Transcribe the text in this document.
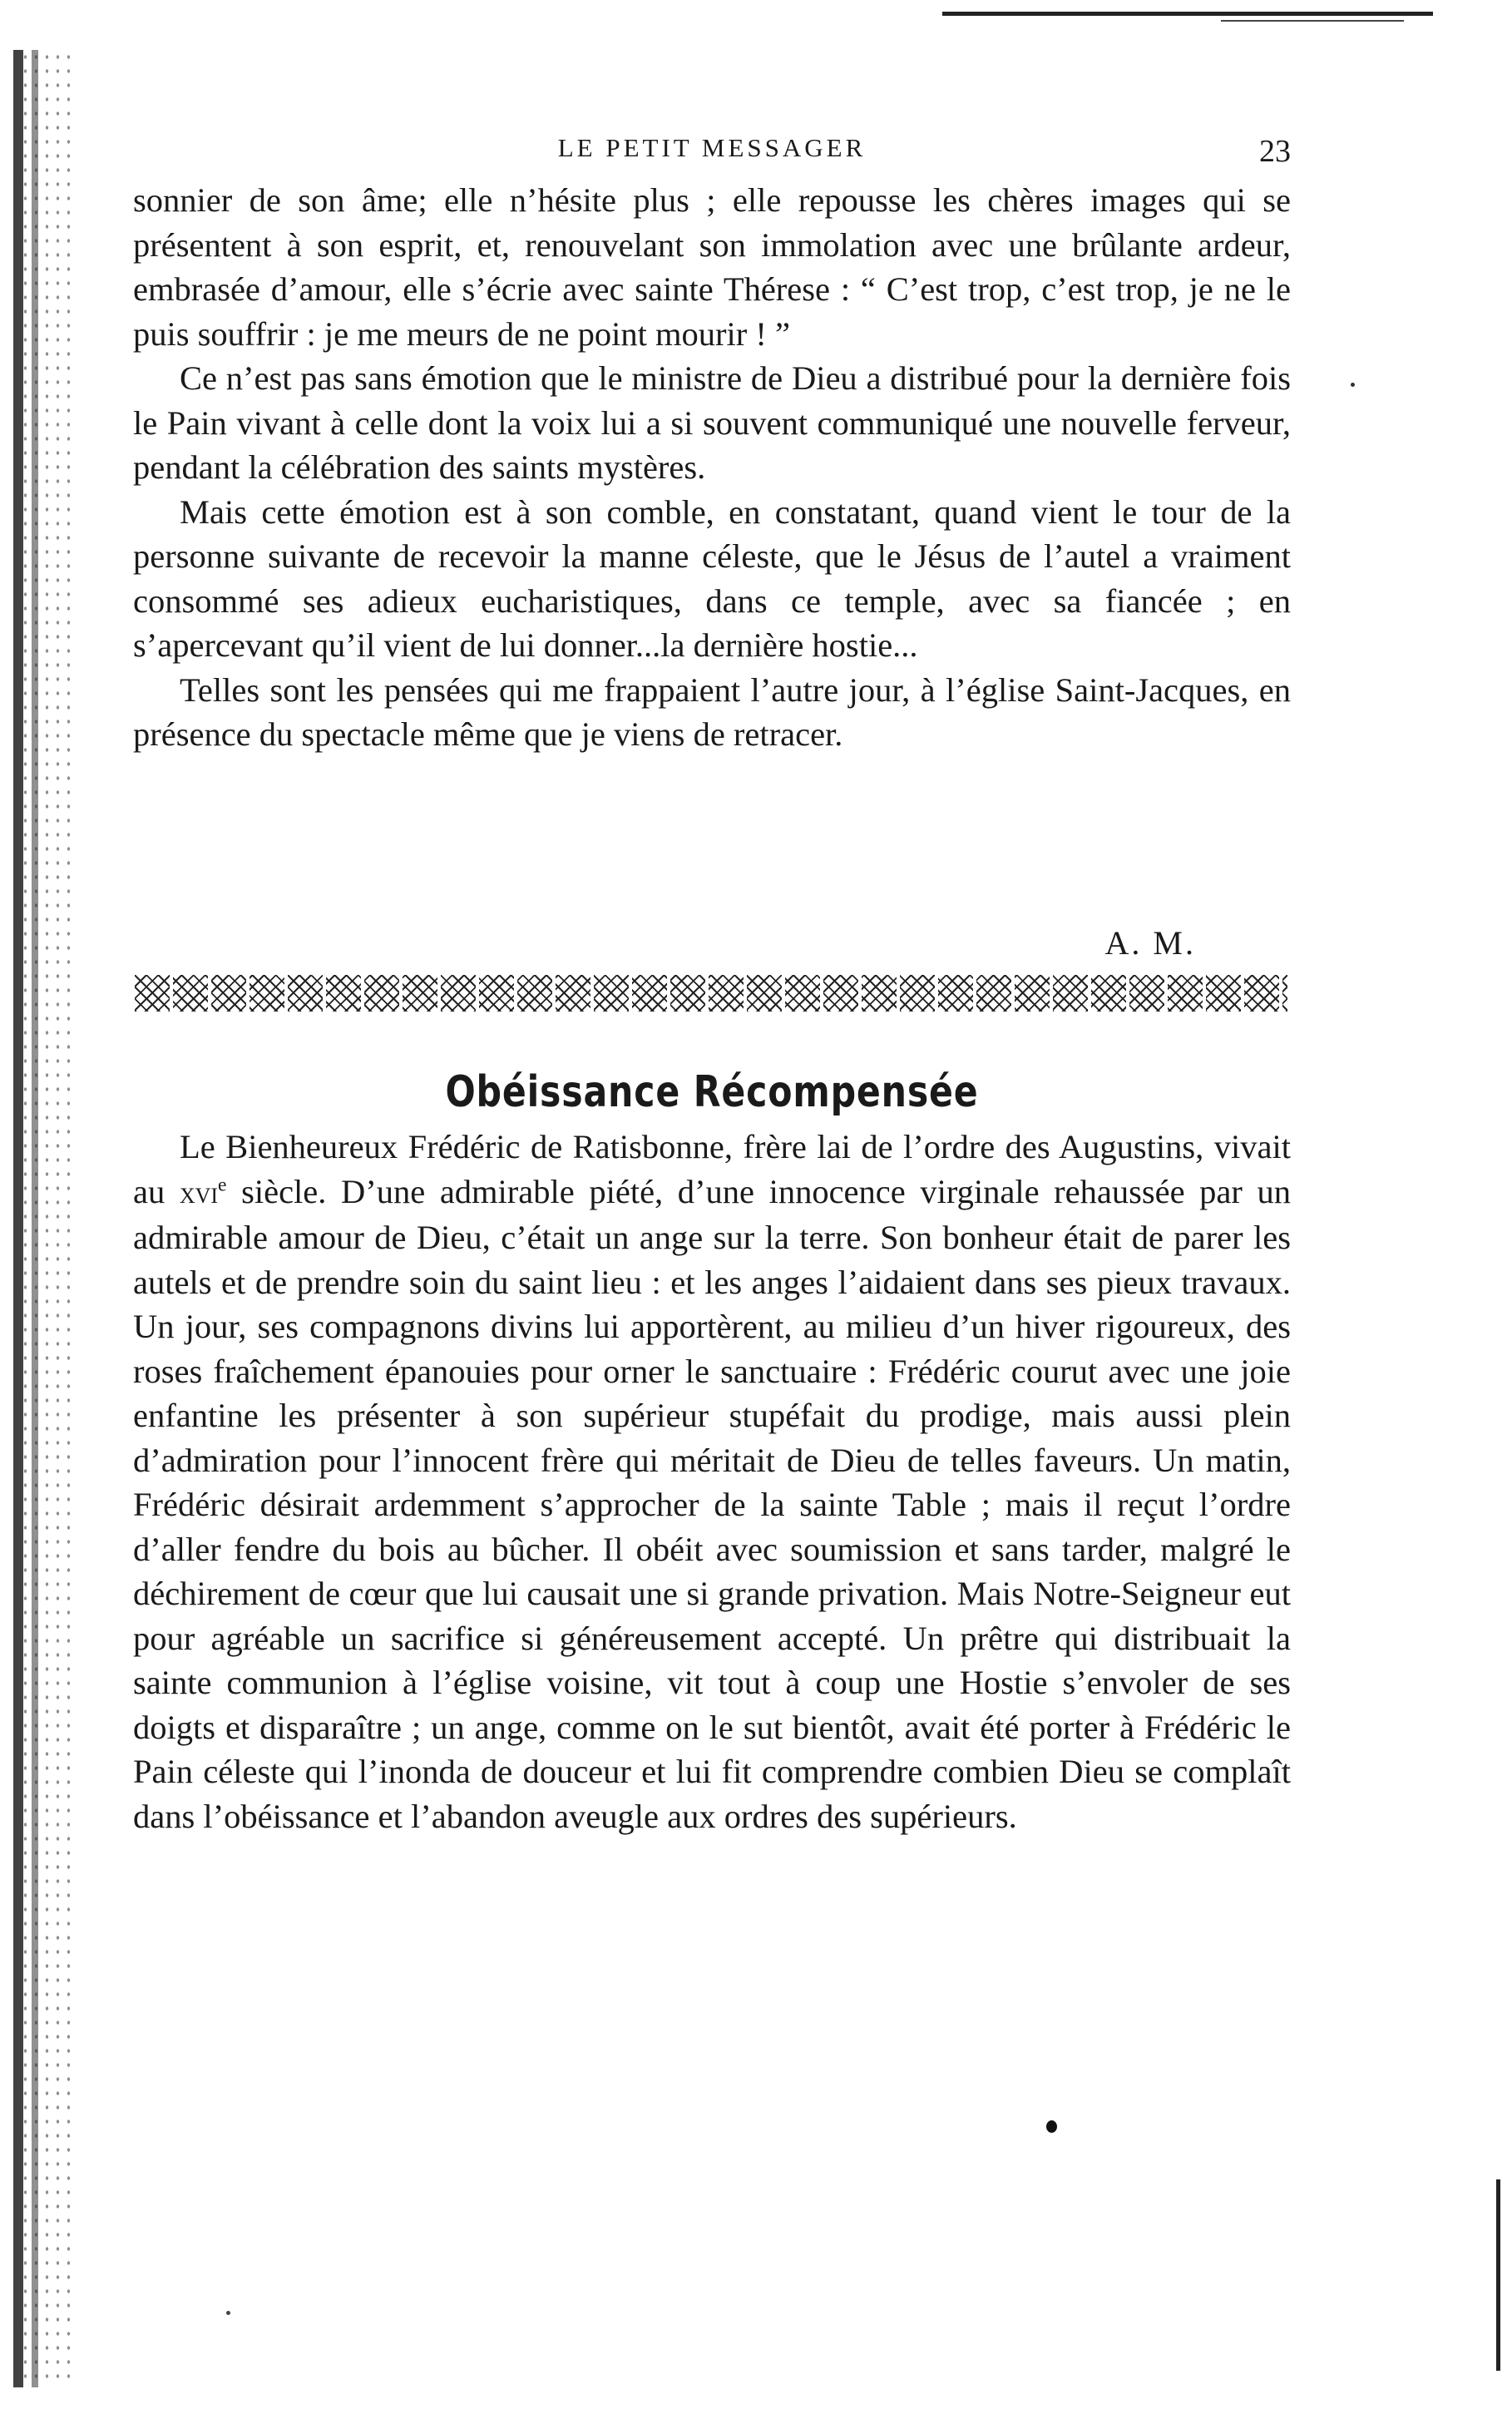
LE PETIT MESSAGER	23

sonnier de son âme; elle n’hésite plus ; elle repousse les chères images qui se présentent à son esprit, et, renouvelant son immolation avec une brûlante ardeur, embrasée d’amour, elle s’écrie avec sainte Thérese : “ C’est trop, c’est trop, je ne le puis souffrir : je me meurs de ne point mourir ! ”

Ce n’est pas sans émotion que le ministre de Dieu a distribué pour la dernière fois le Pain vivant à celle dont la voix lui a si souvent communiqué une nouvelle ferveur, pendant la célébration des saints mystères.

Mais cette émotion est à son comble, en constatant, quand vient le tour de la personne suivante de recevoir la manne céleste, que le Jésus de l’autel a vraiment consommé ses adieux eucharistiques, dans ce temple, avec sa fiancée ; en s’apercevant qu’il vient de lui donner...la dernière hostie...

Telles sont les pensées qui me frappaient l’autre jour, à l’église Saint-Jacques, en présence du spectacle même que je viens de retracer.

A. M.
Obéissance Récompensée

Le Bienheureux Frédéric de Ratisbonne, frère lai de l’ordre des Augustins, vivait au xvi$^e$ siècle. D’une admirable piété, d’une innocence virginale rehaussée par un admirable amour de Dieu, c’était un ange sur la terre. Son bonheur était de parer les autels et de prendre soin du saint lieu : et les anges l’aidaient dans ses pieux travaux. Un jour, ses compagnons divins lui apportèrent, au milieu d’un hiver rigoureux, des roses fraîchement épanouies pour orner le sanctuaire : Frédéric courut avec une joie enfantine les présenter à son supérieur stupéfait du prodige, mais aussi plein d’admiration pour l’innocent frère qui méritait de Dieu de telles faveurs. Un matin, Frédéric désirait ardemment s’approcher de la sainte Table ; mais il reçut l’ordre d’aller fendre du bois au bûcher. Il obéit avec soumission et sans tarder, malgré le déchirement de cœur que lui causait une si grande privation. Mais Notre-Seigneur eut pour agréable un sacrifice si généreusement accepté. Un prêtre qui distribuait la sainte communion à l’église voisine, vit tout à coup une Hostie s’envoler de ses doigts et disparaître ; un ange, comme on le sut bientôt, avait été porter à Frédéric le Pain céleste qui l’inonda de douceur et lui fit comprendre combien Dieu se complaît dans l’obéissance et l’abandon aveugle aux ordres des supérieurs.
